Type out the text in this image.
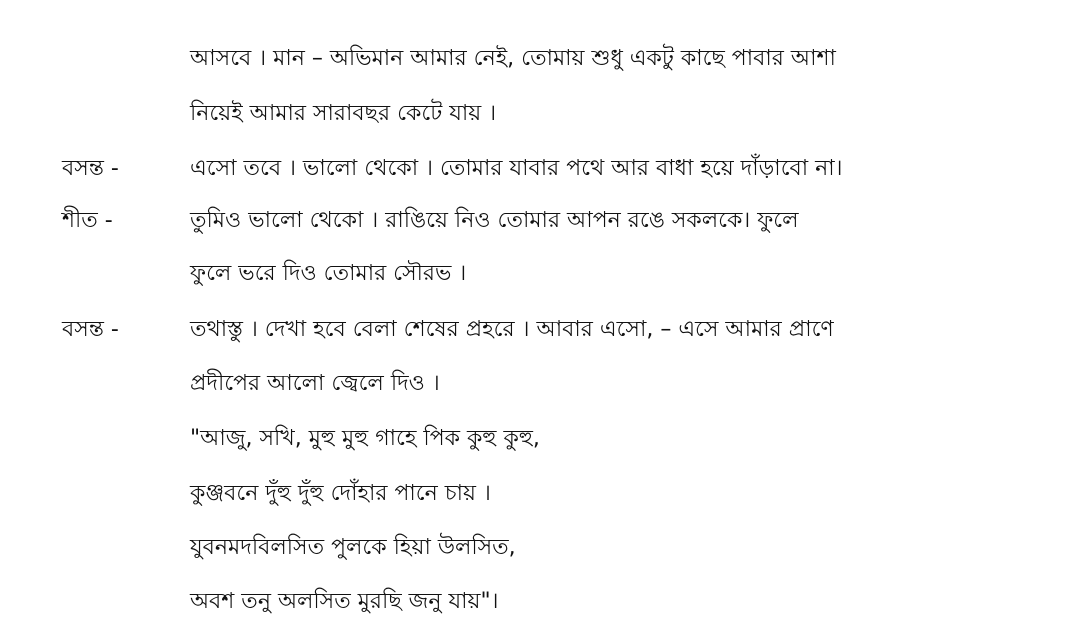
আসবে । মান – অভিমান আমার নেই, তোমায় শুধু একটু কাছে পাবার আশা
নিয়েই আমার সারাবছর কেটে যায় ।
বসন্ত -	এসো তবে । ভালো থেকো । তোমার যাবার পথে আর বাধা হয়ে দাঁড়াবো না।
শীত -	তুমিও ভালো থেকো । রাঙিয়ে নিও তোমার আপন রঙে সকলকে। ফুলে
ফুলে ভরে দিও তোমার সৌরভ ।
বসন্ত -	তথাস্তু । দেখা হবে বেলা শেষের প্রহরে । আবার এসো, – এসে আমার প্রাণে
প্রদীপের আলো জ্বেলে দিও ।
"আজু, সখি, মুহু মুহু গাহে পিক কুহু কুহু,
কুঞ্জবনে দুঁহু দুঁহু দোঁহার পানে চায় ।
যুবনমদবিলসিত পুলকে হিয়া উলসিত,
অবশ তনু অলসিত মুরছি জনু যায়"।
